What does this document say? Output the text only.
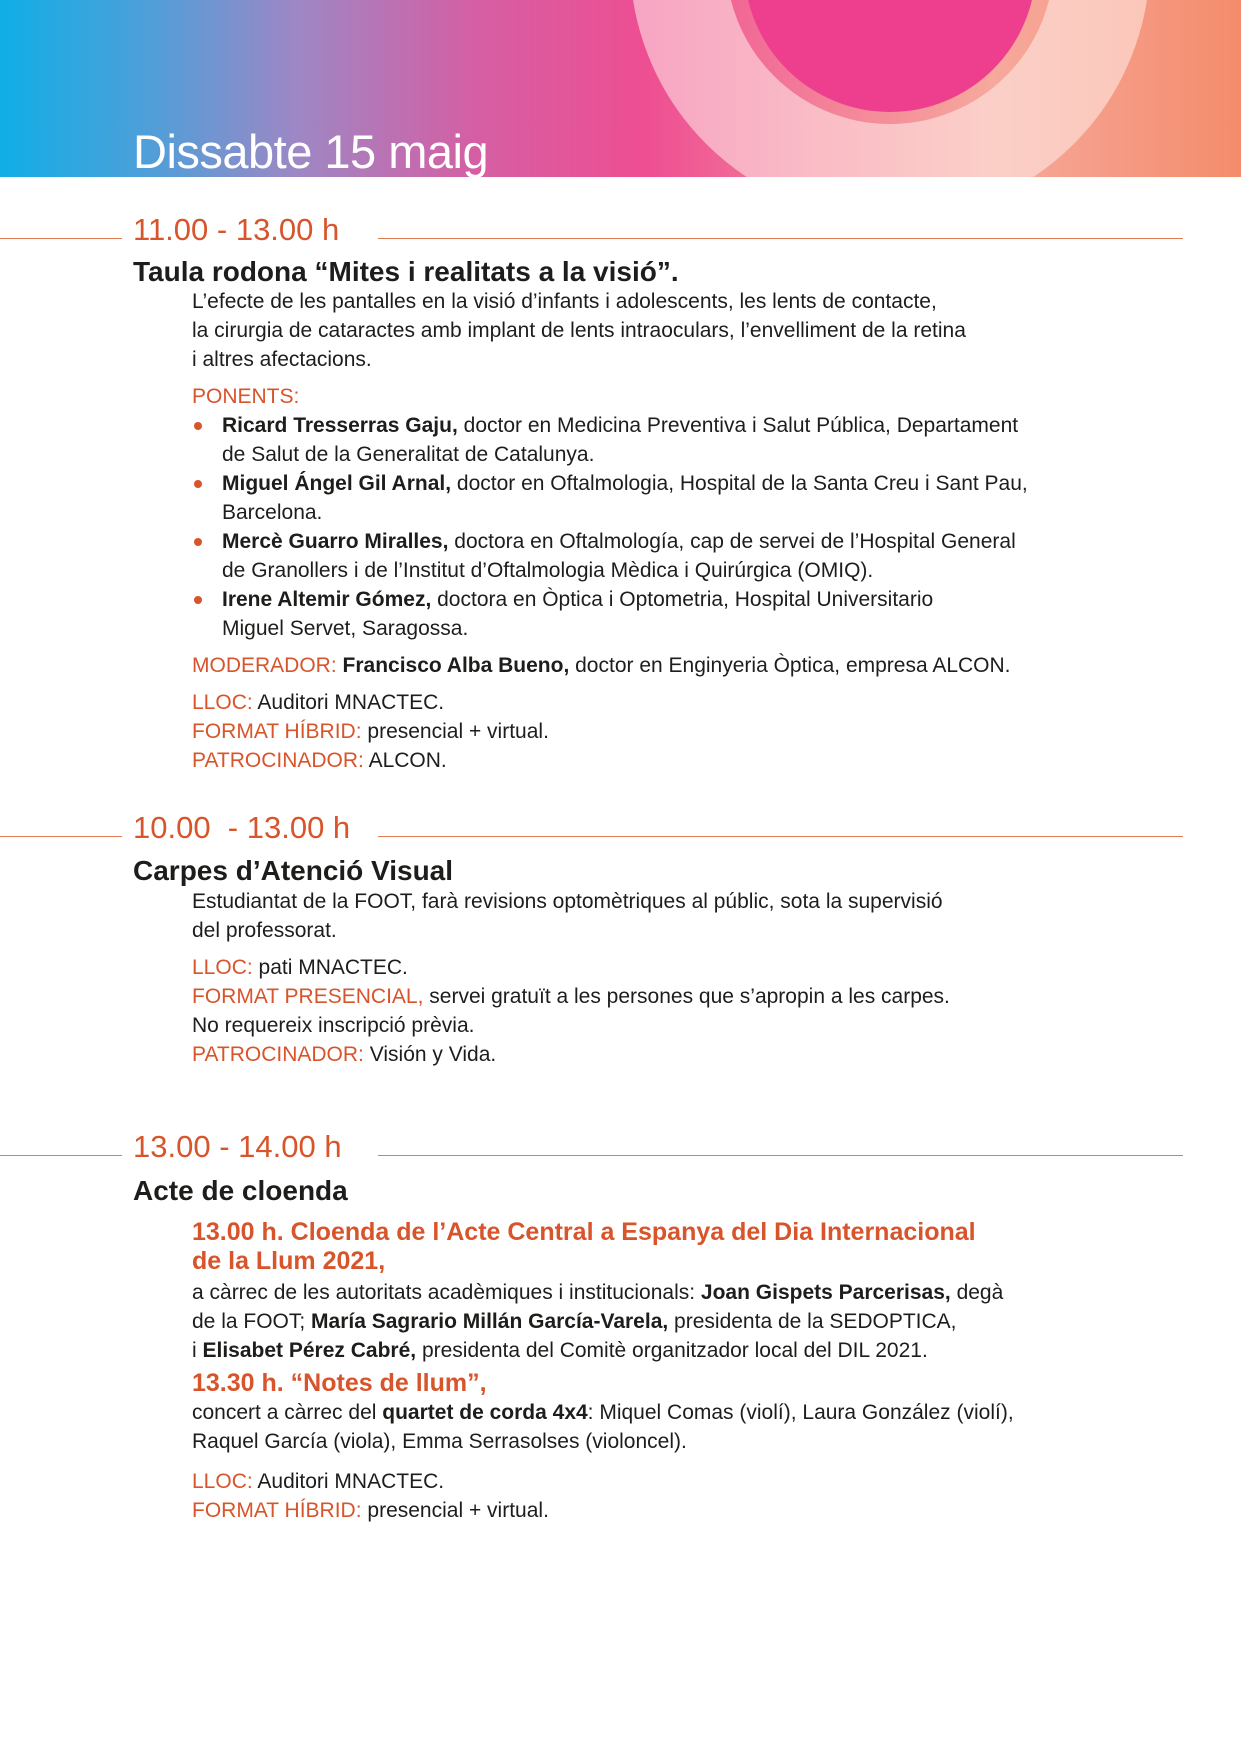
Dissabte 15 maig
11.00 - 13.00 h
Taula rodona “Mites i realitats a la visió”.

L’efecte de les pantalles en la visió d’infants i adolescents, les lents de contacte,

la cirurgia de cataractes amb implant de lents intraoculars, l’envelliment de la retina

i altres afectacions.

PONENTS:

Ricard Tresserras Gaju, doctor en Medicina Preventiva i Salut Pública, Departament
de Salut de la Generalitat de Catalunya.
Miguel Ángel Gil Arnal, doctor en Oftalmologia, Hospital de la Santa Creu i Sant Pau,
Barcelona.
Mercè Guarro Miralles, doctora en Oftalmología, cap de servei de l’Hospital General
de Granollers i de l’Institut d’Oftalmologia Mèdica i Quirúrgica (OMIQ).
Irene Altemir Gómez, doctora en Òptica i Optometria, Hospital Universitario
Miguel Servet, Saragossa.

MODERADOR: Francisco Alba Bueno, doctor en Enginyeria Òptica, empresa ALCON.

LLOC: Auditori MNACTEC.

FORMAT HÍBRID: presencial + virtual.

PATROCINADOR: ALCON.

10.00  - 13.00 h
Carpes d’Atenció Visual

Estudiantat de la FOOT, farà revisions optomètriques al públic, sota la supervisió

del professorat.

LLOC: pati MNACTEC.

FORMAT PRESENCIAL, servei gratuït a les persones que s’apropin a les carpes.

No requereix inscripció prèvia.

PATROCINADOR: Visión y Vida.

13.00 - 14.00 h
Acte de cloenda

13.00 h. Cloenda de l’Acte Central a Espanya del Dia Internacional
de la Llum 2021,

a càrrec de les autoritats acadèmiques i institucionals: Joan Gispets Parcerisas, degà
de la FOOT; María Sagrario Millán García-Varela, presidenta de la SEDOPTICA,
i Elisabet Pérez Cabré, presidenta del Comitè organitzador local del DIL 2021.

13.30 h. “Notes de llum”,

concert a càrrec del quartet de corda 4x4: Miquel Comas (violí), Laura González (violí),
Raquel García (viola), Emma Serrasolses (violoncel).

LLOC: Auditori MNACTEC.

FORMAT HÍBRID: presencial + virtual.
